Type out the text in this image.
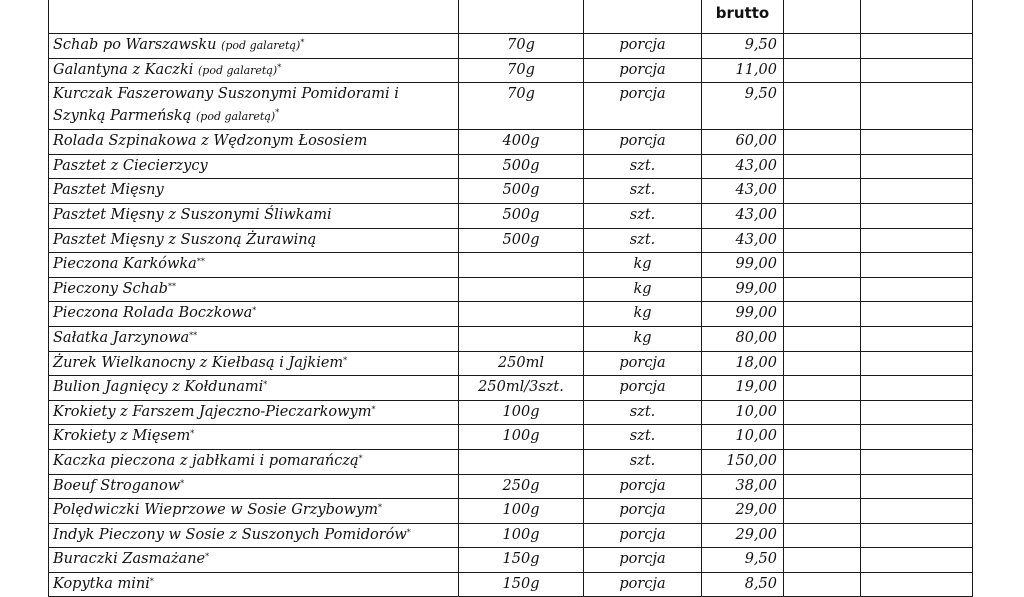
			brutto		
Schab po Warszawsku (pod galaretą)*	70g	porcja	9,50		
Galantyna z Kaczki (pod galaretą)*	70g	porcja	11,00		
Kurczak Faszerowany Suszonymi Pomidorami i Szynką Parmeńską (pod galaretą)*	70g	porcja	9,50		
Rolada Szpinakowa z Wędzonym Łososiem	400g	porcja	60,00		
Pasztet z Ciecierzycy	500g	szt.	43,00		
Pasztet Mięsny	500g	szt.	43,00		
Pasztet Mięsny z Suszonymi Śliwkami	500g	szt.	43,00		
Pasztet Mięsny z Suszoną Żurawiną	500g	szt.	43,00		
Pieczona Karkówka**		kg	99,00		
Pieczony Schab**		kg	99,00		
Pieczona Rolada Boczkowa*		kg	99,00		
Sałatka Jarzynowa**		kg	80,00		
Żurek Wielkanocny z Kiełbasą i Jajkiem*	250ml	porcja	18,00		
Bulion Jagnięcy z Kołdunami*	250ml/3szt.	porcja	19,00		
Krokiety z Farszem Jajeczno-Pieczarkowym*	100g	szt.	10,00		
Krokiety z Mięsem*	100g	szt.	10,00		
Kaczka pieczona z jabłkami i pomarańczą*		szt.	150,00		
Boeuf Stroganow*	250g	porcja	38,00		
Polędwiczki Wieprzowe w Sosie Grzybowym*	100g	porcja	29,00		
Indyk Pieczony w Sosie z Suszonych Pomidorów*	100g	porcja	29,00		
Buraczki Zasmażane*	150g	porcja	9,50		
Kopytka mini*	150g	porcja	8,50		
